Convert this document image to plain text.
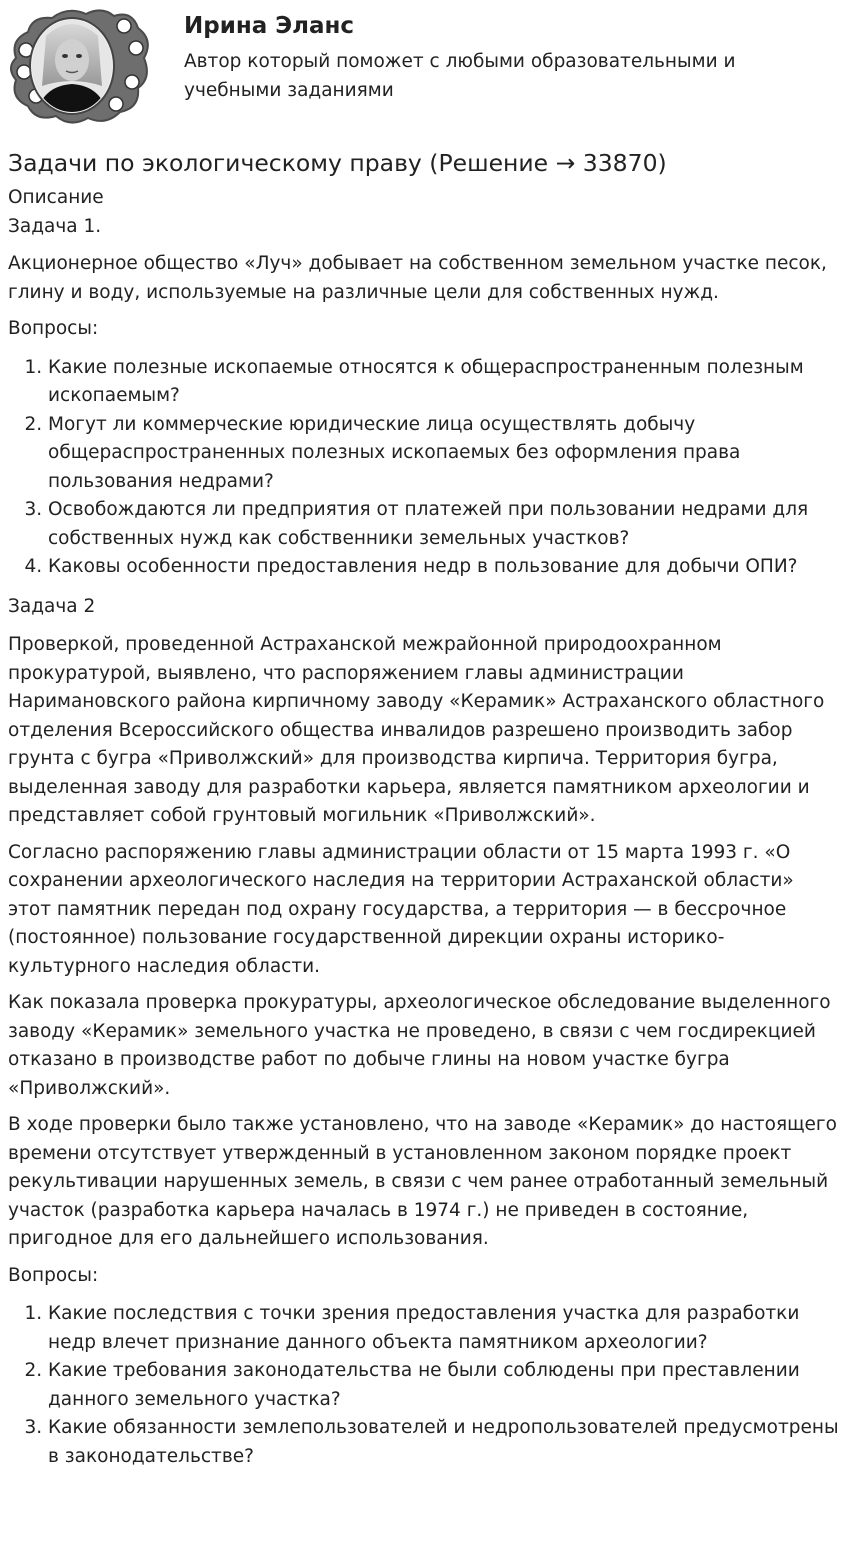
Ирина Эланс
Автор который поможет с любыми образовательными и учебными заданиями
Задачи по экологическому праву (Решение → 33870)
Описание
Задача 1.

Акционерное общество «Луч» добывает на собственном земельном участке песок, глину и воду, используемые на различные цели для собственных нужд.

Вопросы:
1. Какие полезные ископаемые относятся к общераспространенным полезным ископаемым?
2. Могут ли коммерческие юридические лица осуществлять добычу общераспространенных полезных ископаемых без оформления права пользования недрами?
3. Освобождаются ли предприятия от платежей при пользовании недрами для собственных нужд как собственники земельных участков?
4. Каковы особенности предоставления недр в пользование для добычи ОПИ?
Задача 2

Проверкой, проведенной Астраханской межрайонной природоохранном прокуратурой, выявлено, что распоряжением главы администрации Наримановского района кирпичному заводу «Керамик» Астраханского областного отделения Всероссийского общества инвалидов разрешено производить забор грунта с бугра «Приволжский» для производства кирпича. Территория бугра, выделенная заводу для разработки карьера, является памятником археологии и представляет собой грунтовый могильник «Приволжский».

Согласно распоряжению главы администрации области от 15 марта 1993 г. «О сохранении археологического наследия на территории Астраханской области» этот памятник передан под охрану государства, а территория — в бессрочное (постоянное) пользование государственной дирекции охраны историко-культурного наследия области.

Как показала проверка прокуратуры, археологическое обследование выделенного заводу «Керамик» земельного участка не проведено, в связи с чем госдирекцией отказано в производстве работ по добыче глины на новом участке бугра «Приволжский».

В ходе проверки было также установлено, что на заводе «Керамик» до настоящего времени отсутствует утвержденный в установленном законом порядке проект рекультивации нарушенных земель, в связи с чем ранее отработанный земельный участок (разработка карьера началась в 1974 г.) не приведен в состояние, пригодное для его дальнейшего использования.

Вопросы:
1. Какие последствия с точки зрения предоставления участка для разработки недр влечет признание данного объекта памятником археологии?
2. Какие требования законодательства не были соблюдены при преставлении данного земельного участка?
3. Какие обязанности землепользователей и недропользователей предусмотрены в законодательстве?
